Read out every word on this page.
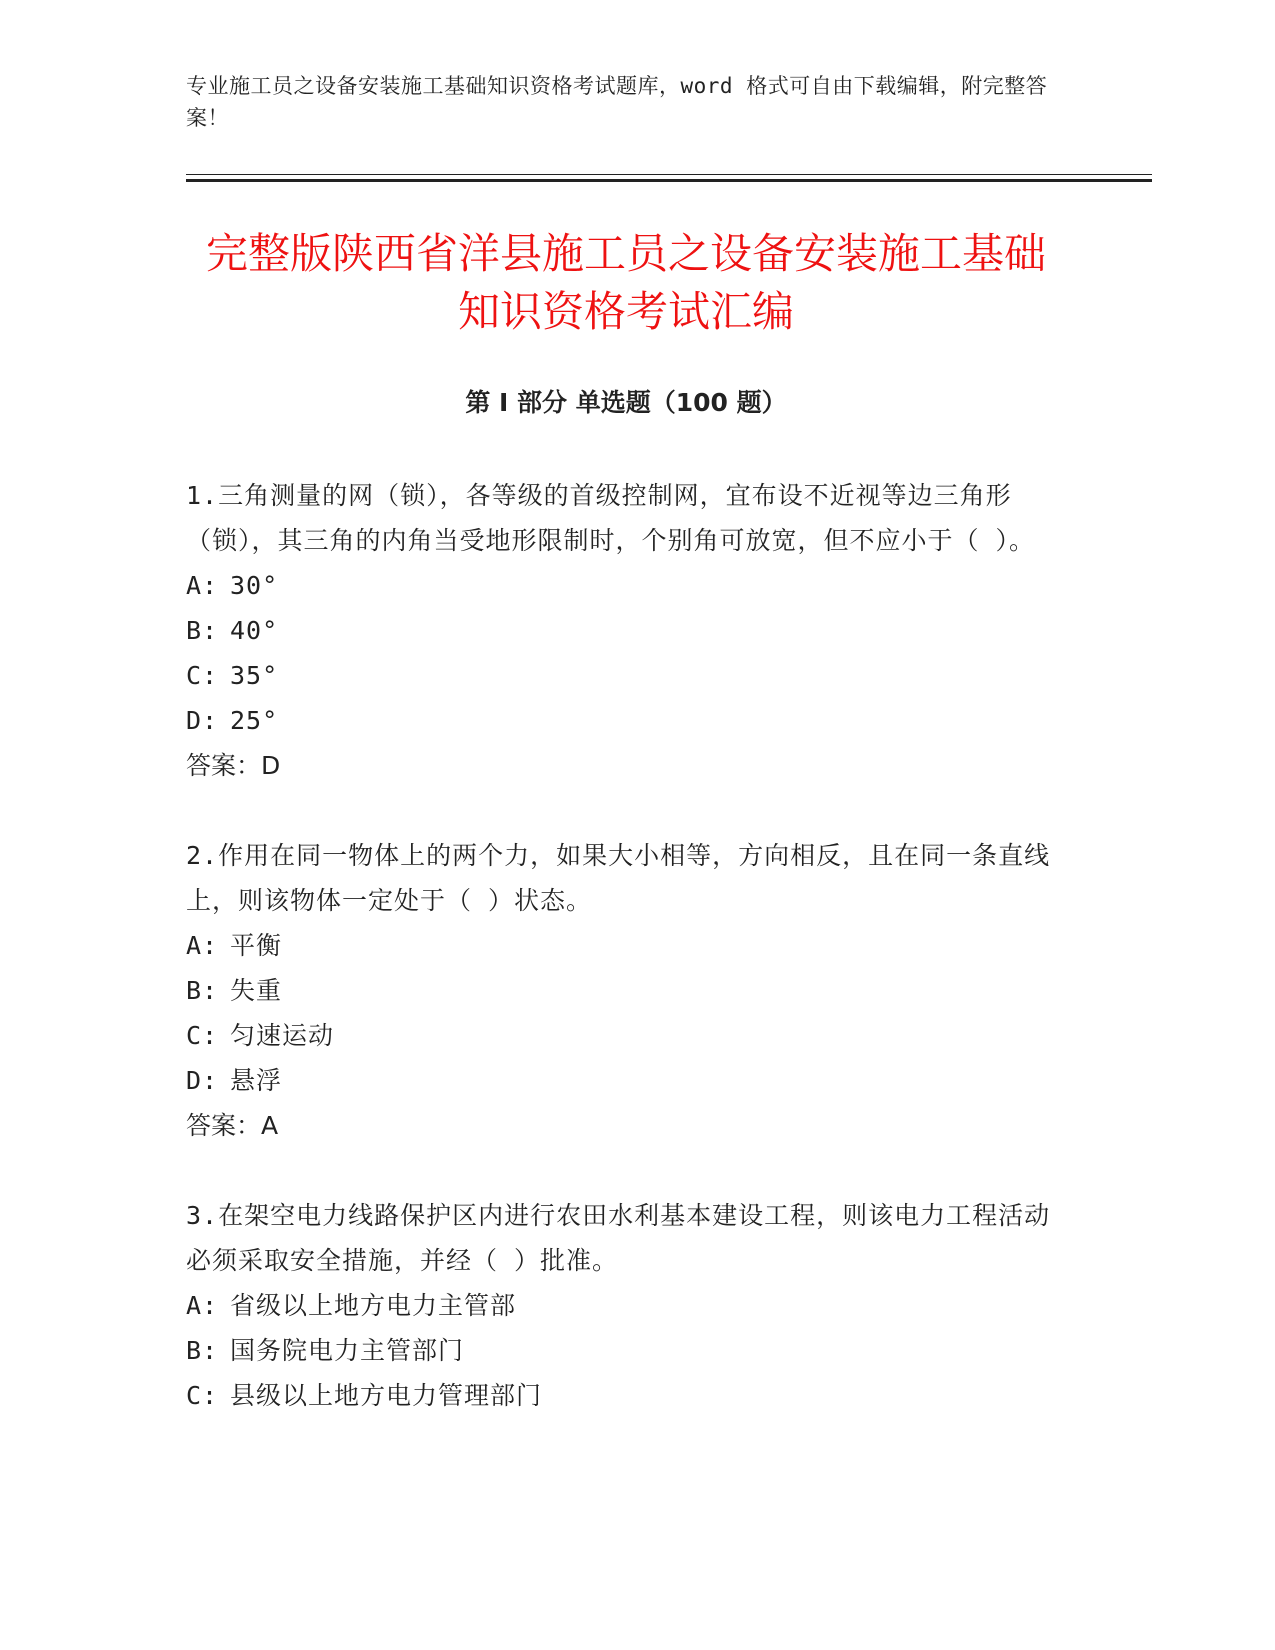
专业施工员之设备安装施工基础知识资格考试题库，word 格式可自由下载编辑，附完整答案！
完整版陕西省洋县施工员之设备安装施工基础知识资格考试汇编
第 I 部分 单选题（100 题）

1.三角测量的网（锁），各等级的首级控制网，宜布设不近视等边三角形（锁），其三角的内角当受地形限制时，个别角可放宽，但不应小于（ ）。

A: 30°

B: 40°

C: 35°

D: 25°

答案：D

2.作用在同一物体上的两个力，如果大小相等，方向相反，且在同一条直线上，则该物体一定处于（ ）状态。

A: 平衡

B: 失重

C: 匀速运动

D: 悬浮

答案：A

3.在架空电力线路保护区内进行农田水利基本建设工程，则该电力工程活动必须采取安全措施，并经（ ）批准。

A: 省级以上地方电力主管部

B: 国务院电力主管部门

C: 县级以上地方电力管理部门
